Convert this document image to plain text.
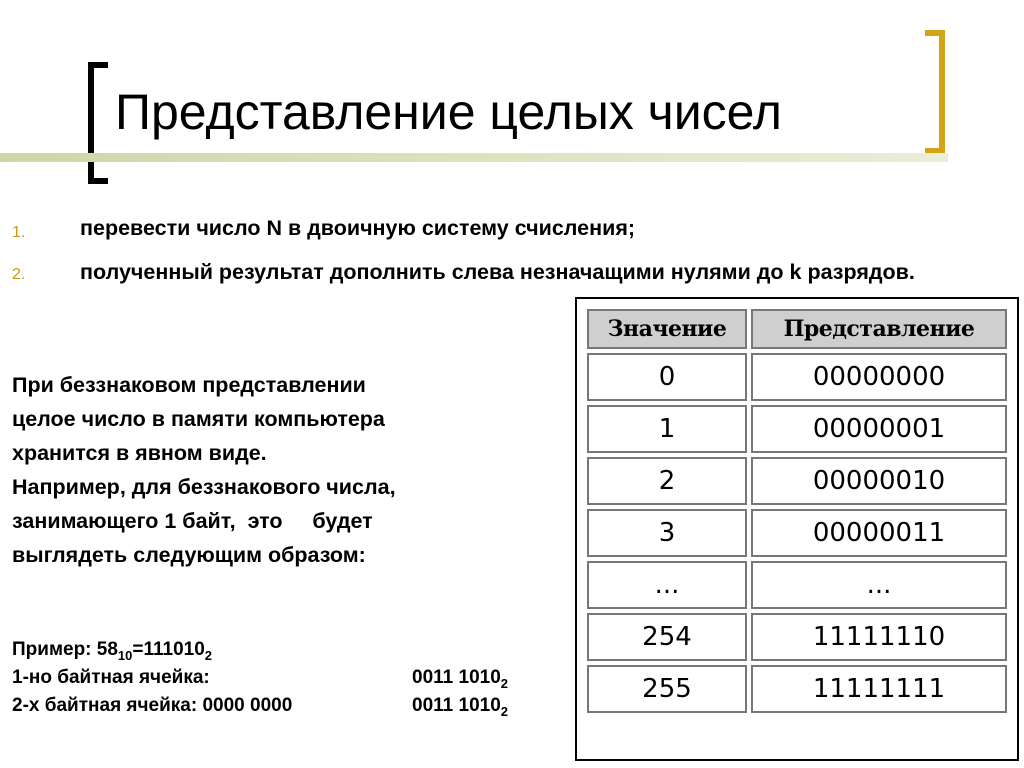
Представление целых чисел
1.	перевести число N в двоичную систему счисления;
2.	полученный результат дополнить слева незначащими нулями до k разрядов.
При беззнаковом представлении
целое число в памяти компьютера
хранится в явном виде.
Например, для беззнакового числа,
занимающего 1 байт,  это     будет
выглядеть следующим образом:
Пример: $58_{10}=111010_2$
1-но байтная ячейка:	0011 $1010_2$
2-х байтная ячейка: 0000 0000	0011 $1010_2$
Значение	Представление
0	00000000
1	00000001
2	00000010
3	00000011
...	...
254	11111110
255	11111111
